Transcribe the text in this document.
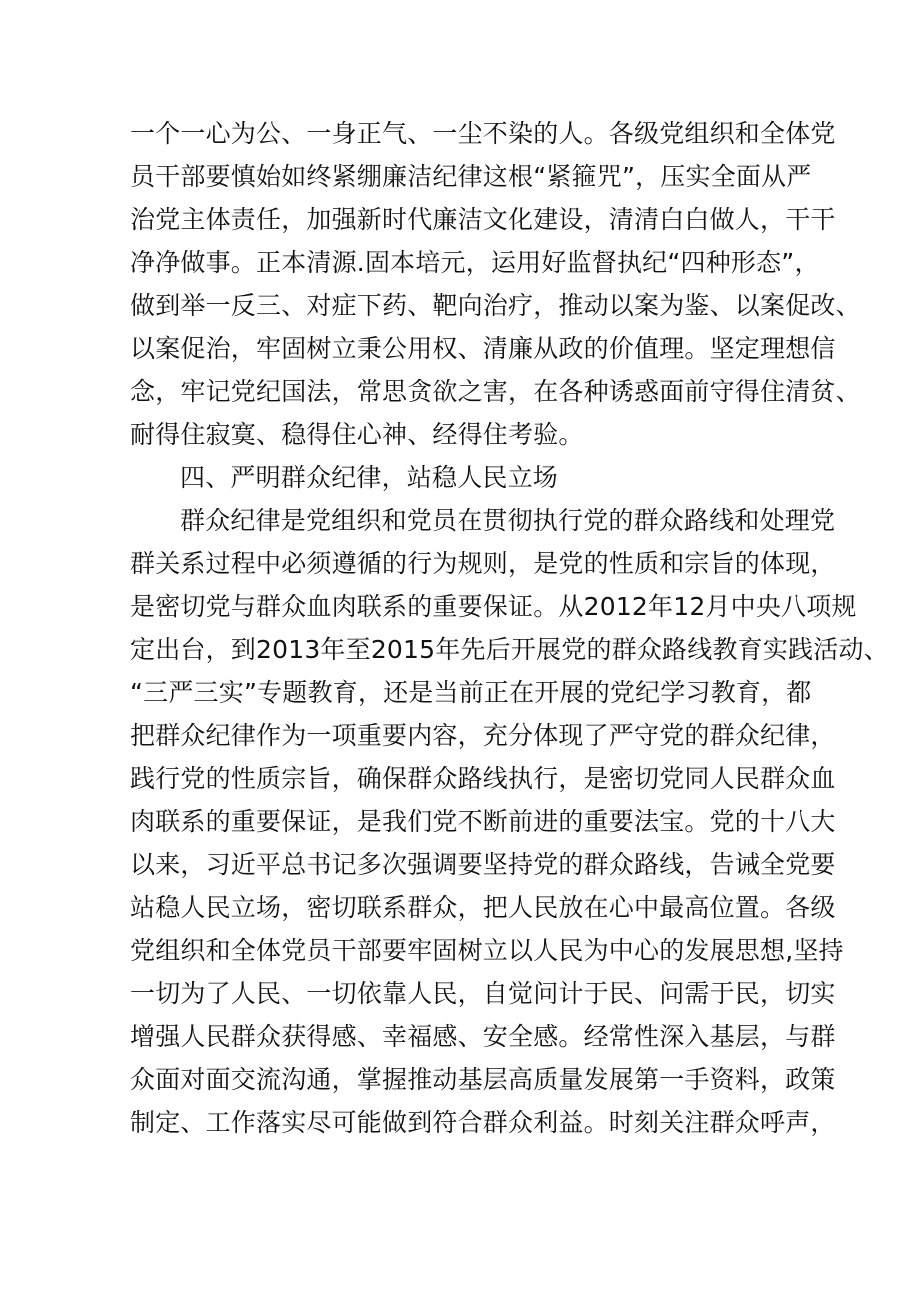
一个一心为公、一身正气、一尘不染的人。各级党组织和全体党
员干部要慎始如终紧绷廉洁纪律这根“紧箍咒”，压实全面从严
治党主体责任，加强新时代廉洁文化建设，清清白白做人，干干
净净做事。正本清源.固本培元，运用好监督执纪“四种形态”，
做到举一反三、对症下药、靶向治疗，推动以案为鉴、以案促改、
以案促治，牢固树立秉公用权、清廉从政的价值理。坚定理想信
念，牢记党纪国法，常思贪欲之害，在各种诱惑面前守得住清贫、
耐得住寂寞、稳得住心神、经得住考验。
四、严明群众纪律，站稳人民立场
群众纪律是党组织和党员在贯彻执行党的群众路线和处理党
群关系过程中必须遵循的行为规则，是党的性质和宗旨的体现，
是密切党与群众血肉联系的重要保证。从2012年12月中央八项规
定出台，到2013年至2015年先后开展党的群众路线教育实践活动、
“三严三实”专题教育，还是当前正在开展的党纪学习教育，都
把群众纪律作为一项重要内容，充分体现了严守党的群众纪律，
践行党的性质宗旨，确保群众路线执行，是密切党同人民群众血
肉联系的重要保证，是我们党不断前进的重要法宝。党的十八大
以来，习近平总书记多次强调要坚持党的群众路线，告诫全党要
站稳人民立场，密切联系群众，把人民放在心中最高位置。各级
党组织和全体党员干部要牢固树立以人民为中心的发展思想,坚持
一切为了人民、一切依靠人民，自觉问计于民、问需于民，切实
增强人民群众获得感、幸福感、安全感。经常性深入基层，与群
众面对面交流沟通，掌握推动基层高质量发展第一手资料，政策
制定、工作落实尽可能做到符合群众利益。时刻关注群众呼声，
